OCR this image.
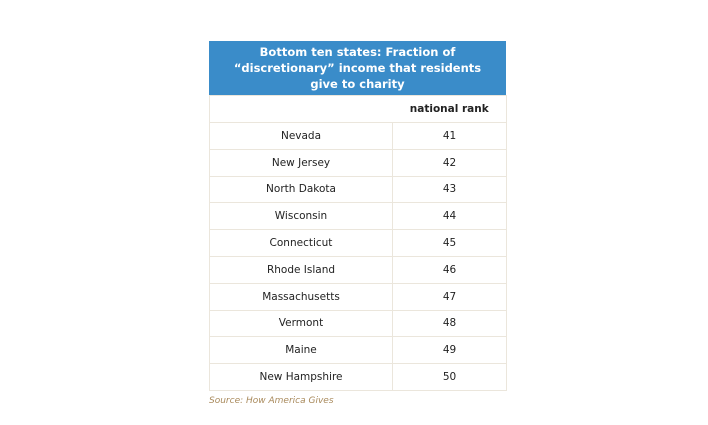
Bottom ten states: Fraction of “discretionary” income that residents give to charity
	national rank
Nevada	41
New Jersey	42
North Dakota	43
Wisconsin	44
Connecticut	45
Rhode Island	46
Massachusetts	47
Vermont	48
Maine	49
New Hampshire	50
Source: How America Gives
